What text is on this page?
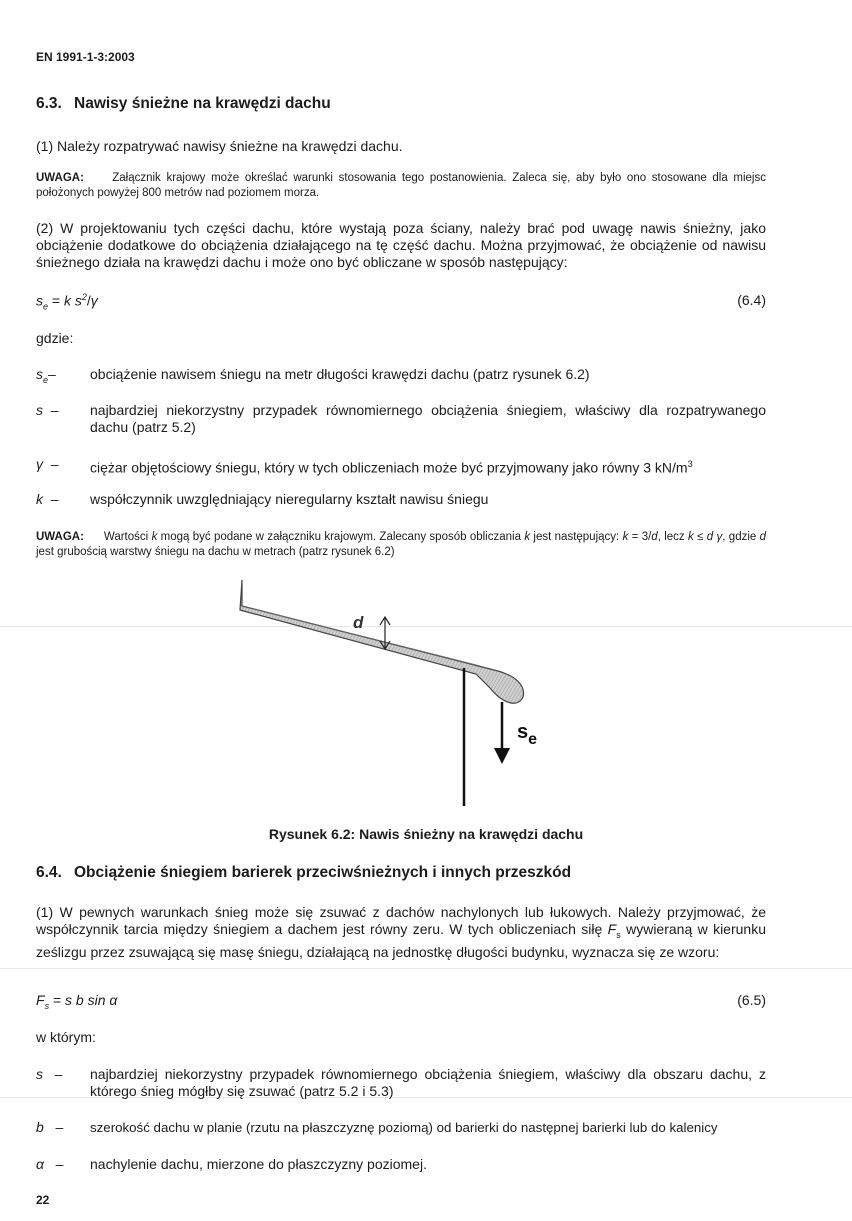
EN 1991-1-3:2003
6.3. Nawisy śnieżne na krawędzi dachu
(1) Należy rozpatrywać nawisy śnieżne na krawędzi dachu.
UWAGA: Załącznik krajowy może określać warunki stosowania tego postanowienia. Zaleca się, aby było ono stosowane dla miejsc położonych powyżej 800 metrów nad poziomem morza.
(2) W projektowaniu tych części dachu, które wystają poza ściany, należy brać pod uwagę nawis śnieżny, jako obciążenie dodatkowe do obciążenia działającego na tę część dachu. Można przyjmować, że obciążenie od nawisu śnieżnego działa na krawędzi dachu i może ono być obliczane w sposób następujący:
$s_e = k$ $s^2/\gamma$	(6.4)
gdzie:
$s_e-$	obciążenie nawisem śniegu na metr długości krawędzi dachu (patrz rysunek 6.2)
s –	najbardziej niekorzystny przypadek równomiernego obciążenia śniegiem, właściwy dla rozpatrywanego dachu (patrz 5.2)
γ –	ciężar objętościowy śniegu, który w tych obliczeniach może być przyjmowany jako równy 3 $kN/m^3$
k –	współczynnik uwzględniający nieregularny kształt nawisu śniegu
UWAGA: Wartości k mogą być podane w załączniku krajowym. Zalecany sposób obliczania k jest następujący: k = 3/d, lecz k ≤ d γ, gdzie d jest grubością warstwy śniegu na dachu w metrach (patrz rysunek 6.2)
d
$s_e$
Rysunek 6.2: Nawis śnieżny na krawędzi dachu
6.4. Obciążenie śniegiem barierek przeciwśnieżnych i innych przeszkód
(1) W pewnych warunkach śnieg może się zsuwać z dachów nachylonych lub łukowych. Należy przyjmować, że współczynnik tarcia między śniegiem a dachem jest równy zeru. W tych obliczeniach siłę $F_s$ wywieraną w kierunku ześlizgu przez zsuwającą się masę śniegu, działającą na jednostkę długości budynku, wyznacza się ze wzoru:
$F_s = s$ b sin α	(6.5)
w którym:
s –	najbardziej niekorzystny przypadek równomiernego obciążenia śniegiem, właściwy dla obszaru dachu, z którego śnieg mógłby się zsuwać (patrz 5.2 i 5.3)
b –	szerokość dachu w planie (rzutu na płaszczyznę poziomą) od barierki do następnej barierki lub do kalenicy
α –	nachylenie dachu, mierzone do płaszczyzny poziomej.
22
